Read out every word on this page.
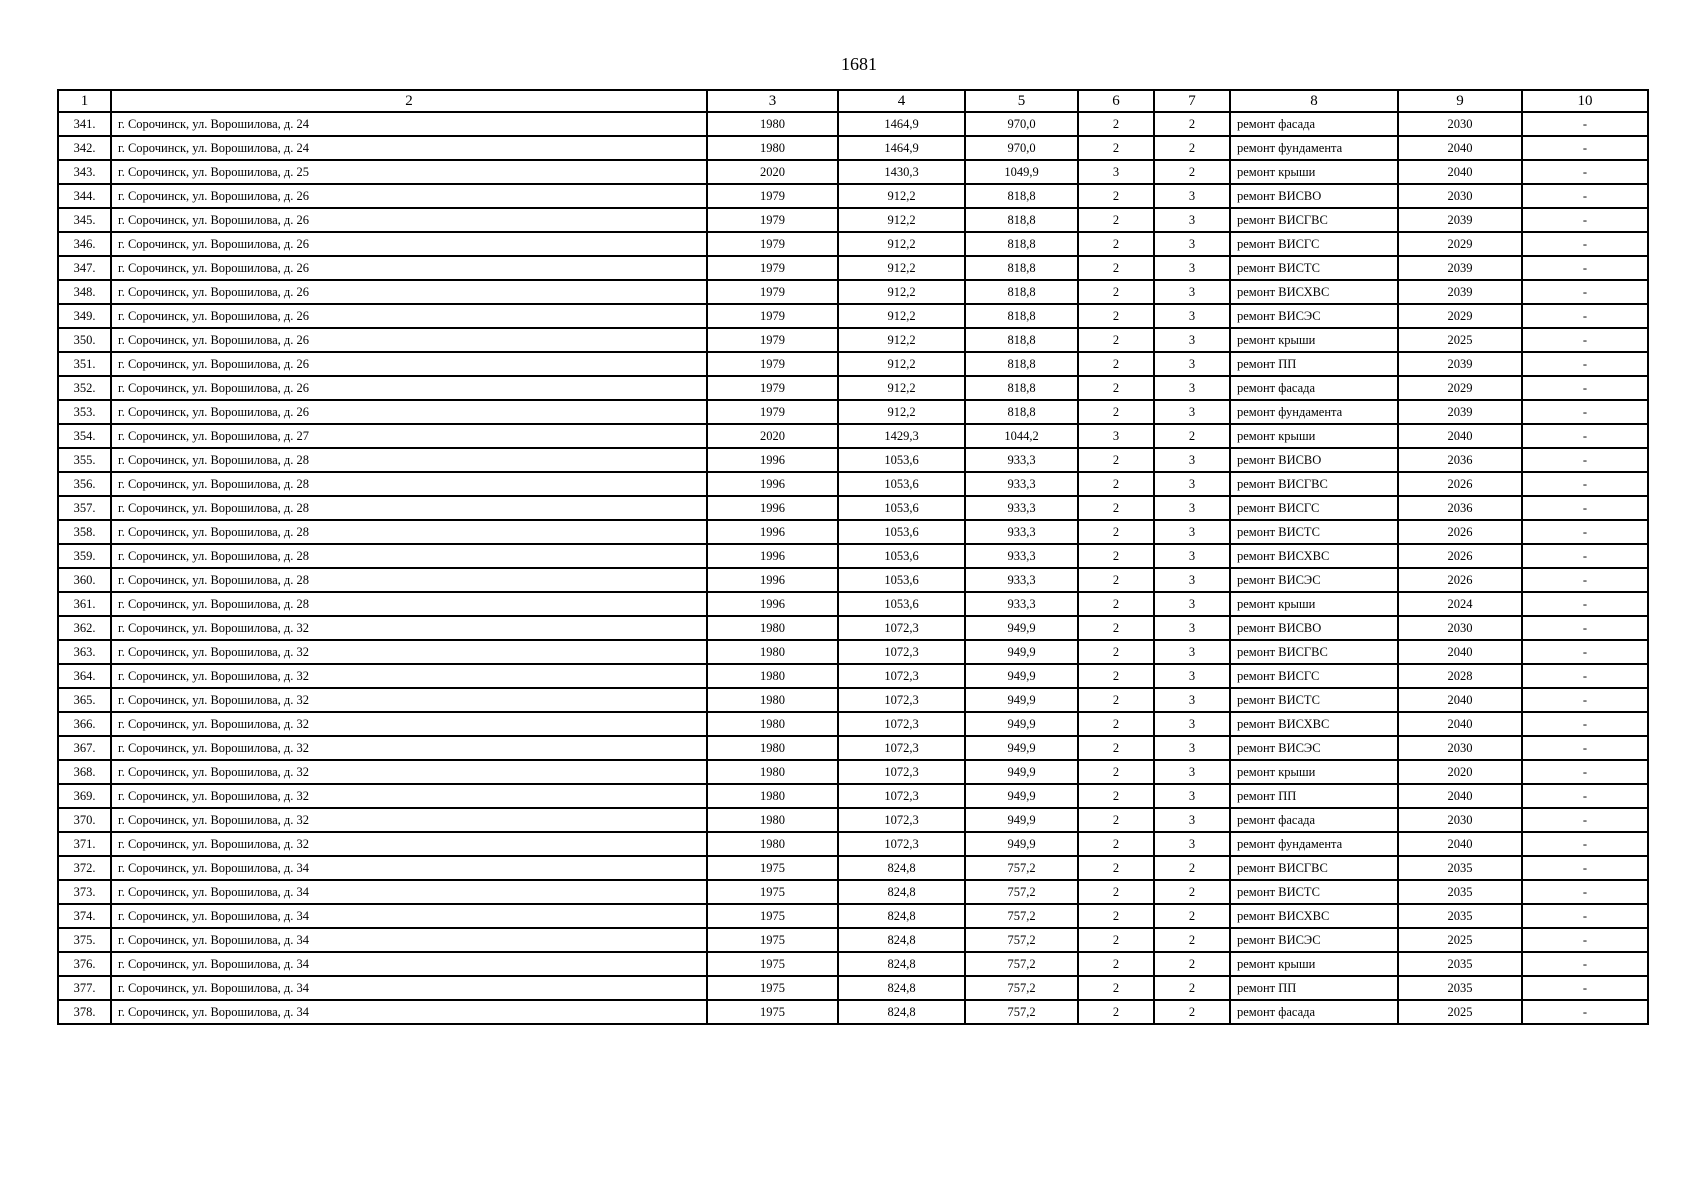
1681
1	2	3	4	5	6	7	8	9	10
341.	г. Сорочинск, ул. Ворошилова, д. 24	1980	1464,9	970,0	2	2	ремонт фасада	2030	-
342.	г. Сорочинск, ул. Ворошилова, д. 24	1980	1464,9	970,0	2	2	ремонт фундамента	2040	-
343.	г. Сорочинск, ул. Ворошилова, д. 25	2020	1430,3	1049,9	3	2	ремонт крыши	2040	-
344.	г. Сорочинск, ул. Ворошилова, д. 26	1979	912,2	818,8	2	3	ремонт ВИСВО	2030	-
345.	г. Сорочинск, ул. Ворошилова, д. 26	1979	912,2	818,8	2	3	ремонт ВИСГВС	2039	-
346.	г. Сорочинск, ул. Ворошилова, д. 26	1979	912,2	818,8	2	3	ремонт ВИСГС	2029	-
347.	г. Сорочинск, ул. Ворошилова, д. 26	1979	912,2	818,8	2	3	ремонт ВИСТС	2039	-
348.	г. Сорочинск, ул. Ворошилова, д. 26	1979	912,2	818,8	2	3	ремонт ВИСХВС	2039	-
349.	г. Сорочинск, ул. Ворошилова, д. 26	1979	912,2	818,8	2	3	ремонт ВИСЭС	2029	-
350.	г. Сорочинск, ул. Ворошилова, д. 26	1979	912,2	818,8	2	3	ремонт крыши	2025	-
351.	г. Сорочинск, ул. Ворошилова, д. 26	1979	912,2	818,8	2	3	ремонт ПП	2039	-
352.	г. Сорочинск, ул. Ворошилова, д. 26	1979	912,2	818,8	2	3	ремонт фасада	2029	-
353.	г. Сорочинск, ул. Ворошилова, д. 26	1979	912,2	818,8	2	3	ремонт фундамента	2039	-
354.	г. Сорочинск, ул. Ворошилова, д. 27	2020	1429,3	1044,2	3	2	ремонт крыши	2040	-
355.	г. Сорочинск, ул. Ворошилова, д. 28	1996	1053,6	933,3	2	3	ремонт ВИСВО	2036	-
356.	г. Сорочинск, ул. Ворошилова, д. 28	1996	1053,6	933,3	2	3	ремонт ВИСГВС	2026	-
357.	г. Сорочинск, ул. Ворошилова, д. 28	1996	1053,6	933,3	2	3	ремонт ВИСГС	2036	-
358.	г. Сорочинск, ул. Ворошилова, д. 28	1996	1053,6	933,3	2	3	ремонт ВИСТС	2026	-
359.	г. Сорочинск, ул. Ворошилова, д. 28	1996	1053,6	933,3	2	3	ремонт ВИСХВС	2026	-
360.	г. Сорочинск, ул. Ворошилова, д. 28	1996	1053,6	933,3	2	3	ремонт ВИСЭС	2026	-
361.	г. Сорочинск, ул. Ворошилова, д. 28	1996	1053,6	933,3	2	3	ремонт крыши	2024	-
362.	г. Сорочинск, ул. Ворошилова, д. 32	1980	1072,3	949,9	2	3	ремонт ВИСВО	2030	-
363.	г. Сорочинск, ул. Ворошилова, д. 32	1980	1072,3	949,9	2	3	ремонт ВИСГВС	2040	-
364.	г. Сорочинск, ул. Ворошилова, д. 32	1980	1072,3	949,9	2	3	ремонт ВИСГС	2028	-
365.	г. Сорочинск, ул. Ворошилова, д. 32	1980	1072,3	949,9	2	3	ремонт ВИСТС	2040	-
366.	г. Сорочинск, ул. Ворошилова, д. 32	1980	1072,3	949,9	2	3	ремонт ВИСХВС	2040	-
367.	г. Сорочинск, ул. Ворошилова, д. 32	1980	1072,3	949,9	2	3	ремонт ВИСЭС	2030	-
368.	г. Сорочинск, ул. Ворошилова, д. 32	1980	1072,3	949,9	2	3	ремонт крыши	2020	-
369.	г. Сорочинск, ул. Ворошилова, д. 32	1980	1072,3	949,9	2	3	ремонт ПП	2040	-
370.	г. Сорочинск, ул. Ворошилова, д. 32	1980	1072,3	949,9	2	3	ремонт фасада	2030	-
371.	г. Сорочинск, ул. Ворошилова, д. 32	1980	1072,3	949,9	2	3	ремонт фундамента	2040	-
372.	г. Сорочинск, ул. Ворошилова, д. 34	1975	824,8	757,2	2	2	ремонт ВИСГВС	2035	-
373.	г. Сорочинск, ул. Ворошилова, д. 34	1975	824,8	757,2	2	2	ремонт ВИСТС	2035	-
374.	г. Сорочинск, ул. Ворошилова, д. 34	1975	824,8	757,2	2	2	ремонт ВИСХВС	2035	-
375.	г. Сорочинск, ул. Ворошилова, д. 34	1975	824,8	757,2	2	2	ремонт ВИСЭС	2025	-
376.	г. Сорочинск, ул. Ворошилова, д. 34	1975	824,8	757,2	2	2	ремонт крыши	2035	-
377.	г. Сорочинск, ул. Ворошилова, д. 34	1975	824,8	757,2	2	2	ремонт ПП	2035	-
378.	г. Сорочинск, ул. Ворошилова, д. 34	1975	824,8	757,2	2	2	ремонт фасада	2025	-
